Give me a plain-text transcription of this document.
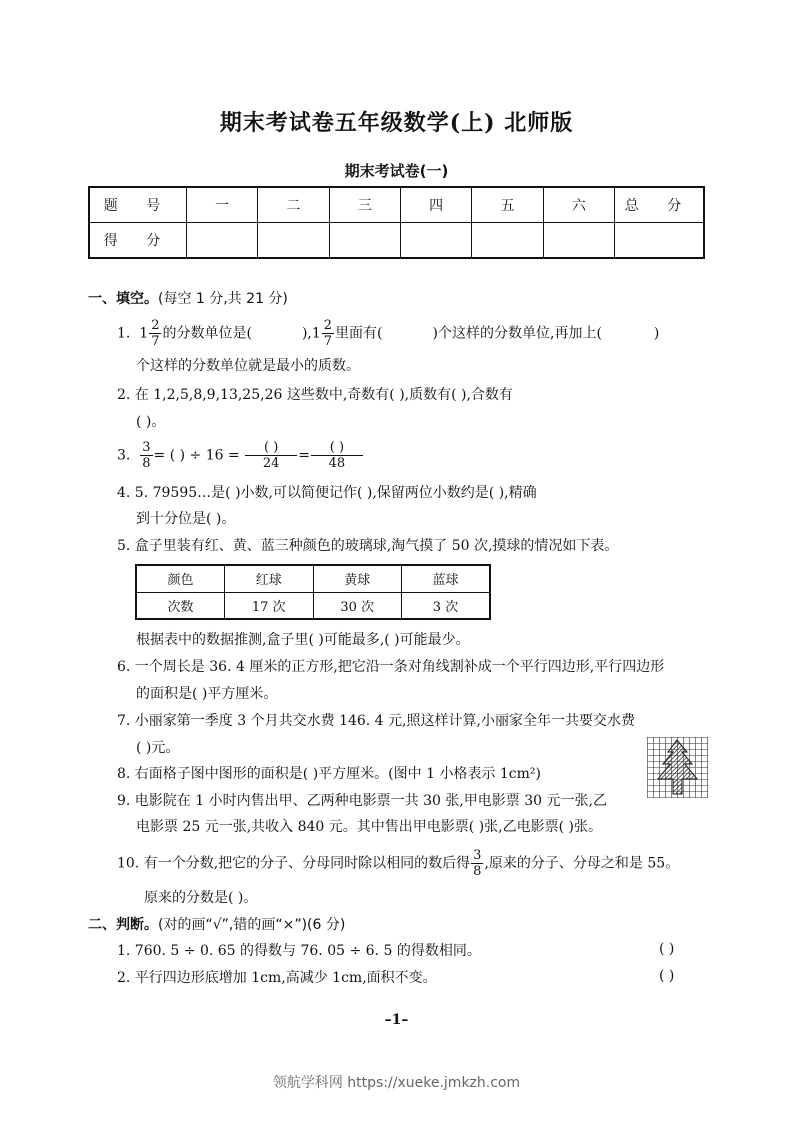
期末考试卷五年级数学(上) 北师版
期末考试卷(一)
题 号	一	二	三	四	五	六	总 分
得 分							
一、填空。(每空 1 分,共 21 分)
1. $1 \frac{2}{7}$ 的分数单位是(	)$,1 \frac{2}{7}$ 里面有(	)个这样的分数单位,再加上(	)
个这样的分数单位就是最小的质数。
2. 在 1,2,5,8,9,13,25,26 这些数中,奇数有( ),质数有( ),合数有
( )。
3. $\frac{3}{8}$ = ( ) ÷ $16 = \frac{( )}{24} = \frac{( )}{48}$
4. 5. 79595…是( )小数,可以简便记作( ),保留两位小数约是( ),精确
到十分位是( )。
5. 盒子里装有红、黄、蓝三种颜色的玻璃球,淘气摸了 50 次,摸球的情况如下表。
颜色	红球	黄球	蓝球
次数	17 次	30 次	3 次
根据表中的数据推测,盒子里( )可能最多,( )可能最少。
6. 一个周长是 36. 4 厘米的正方形,把它沿一条对角线割补成一个平行四边形,平行四边形
的面积是( )平方厘米。
7. 小丽家第一季度 3 个月共交水费 146. 4 元,照这样计算,小丽家全年一共要交水费
( )元。
8. 右面格子图中图形的面积是( )平方厘米。(图中 1 小格表示 1cm²)
9. 电影院在 1 小时内售出甲、乙两种电影票一共 30 张,甲电影票 30 元一张,乙
电影票 25 元一张,共收入 840 元。其中售出甲电影票( )张,乙电影票( )张。
10. 有一个分数,把它的分子、分母同时除以相同的数后得 $\frac{3}{8}$ ,原来的分子、分母之和是 55。
原来的分数是( )。
二、判断。(对的画“√”,错的画“×”)(6 分)
1. 760. 5 ÷ 0. 65 的得数与 76. 05 ÷ 6. 5 的得数相同。	( )
2. 平行四边形底增加 1cm,高减少 1cm,面积不变。	( )
–1–
领航学科网 https://xueke.jmkzh.com
